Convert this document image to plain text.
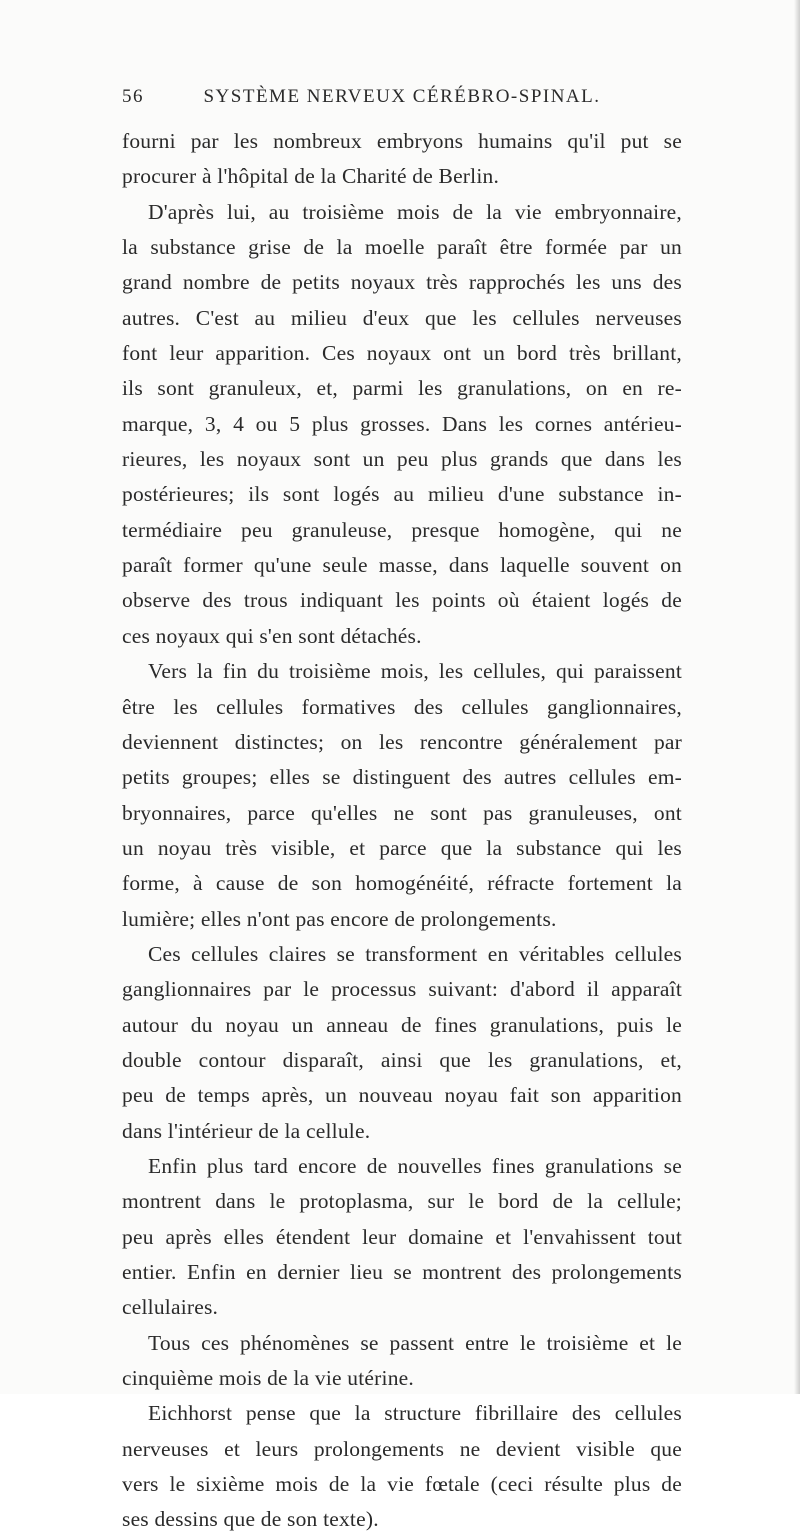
56	SYSTÈME NERVEUX CÉRÉBRO-SPINAL.
fourni par les nombreux embryons humains qu'il put se
procurer à l'hôpital de la Charité de Berlin.
D'après lui, au troisième mois de la vie embryonnaire,
la substance grise de la moelle paraît être formée par un
grand nombre de petits noyaux très rapprochés les uns des
autres. C'est au milieu d'eux que les cellules nerveuses
font leur apparition. Ces noyaux ont un bord très brillant,
ils sont granuleux, et, parmi les granulations, on en re-
marque, 3, 4 ou 5 plus grosses. Dans les cornes antérieu-
rieures, les noyaux sont un peu plus grands que dans les
postérieures; ils sont logés au milieu d'une substance in-
termédiaire peu granuleuse, presque homogène, qui ne
paraît former qu'une seule masse, dans laquelle souvent on
observe des trous indiquant les points où étaient logés de
ces noyaux qui s'en sont détachés.
Vers la fin du troisième mois, les cellules, qui paraissent
être les cellules formatives des cellules ganglionnaires,
deviennent distinctes; on les rencontre généralement par
petits groupes; elles se distinguent des autres cellules em-
bryonnaires, parce qu'elles ne sont pas granuleuses, ont
un noyau très visible, et parce que la substance qui les
forme, à cause de son homogénéité, réfracte fortement la
lumière; elles n'ont pas encore de prolongements.
Ces cellules claires se transforment en véritables cellules
ganglionnaires par le processus suivant: d'abord il apparaît
autour du noyau un anneau de fines granulations, puis le
double contour disparaît, ainsi que les granulations, et,
peu de temps après, un nouveau noyau fait son apparition
dans l'intérieur de la cellule.
Enfin plus tard encore de nouvelles fines granulations se
montrent dans le protoplasma, sur le bord de la cellule;
peu après elles étendent leur domaine et l'envahissent tout
entier. Enfin en dernier lieu se montrent des prolongements
cellulaires.
Tous ces phénomènes se passent entre le troisième et le
cinquième mois de la vie utérine.
Eichhorst pense que la structure fibrillaire des cellules
nerveuses et leurs prolongements ne devient visible que
vers le sixième mois de la vie fœtale (ceci résulte plus de
ses dessins que de son texte).
